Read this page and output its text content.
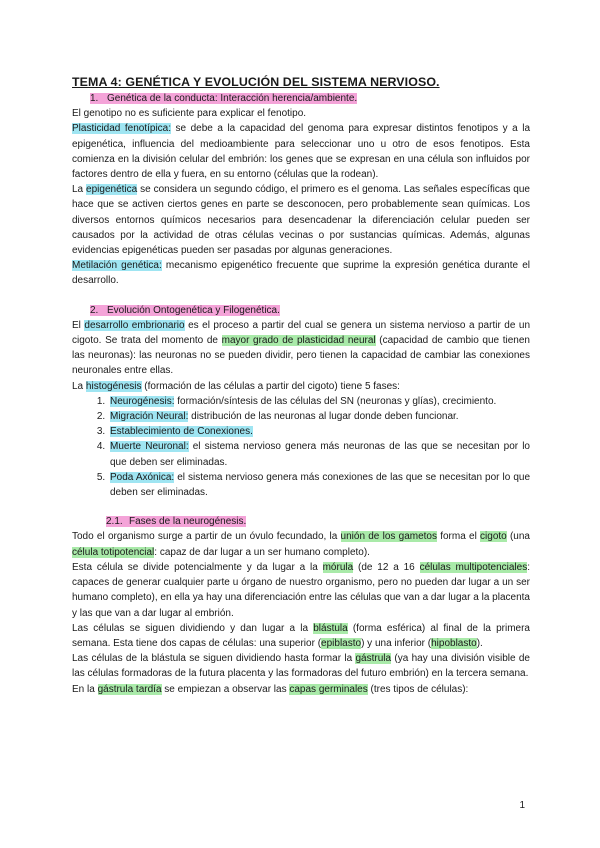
TEMA 4: GENÉTICA Y EVOLUCIÓN DEL SISTEMA NERVIOSO.

1. Genética de la conducta: Interacción herencia/ambiente.

El genotipo no es suficiente para explicar el fenotipo.

Plasticidad fenotípica: se debe a la capacidad del genoma para expresar distintos fenotipos y a la epigenética, influencia del medioambiente para seleccionar uno u otro de esos fenotipos. Esta comienza en la división celular del embrión: los genes que se expresan en una célula son influidos por factores dentro de ella y fuera, en su entorno (células que la rodean).

La epigenética se considera un segundo código, el primero es el genoma. Las señales específicas que hace que se activen ciertos genes en parte se desconocen, pero probablemente sean químicas. Los diversos entornos químicos necesarios para desencadenar la diferenciación celular pueden ser causados por la actividad de otras células vecinas o por sustancias químicas. Además, algunas evidencias epigenéticas pueden ser pasadas por algunas generaciones.

Metilación genética: mecanismo epigenético frecuente que suprime la expresión genética durante el desarrollo.

2. Evolución Ontogenética y Filogenética.

El desarrollo embrionario es el proceso a partir del cual se genera un sistema nervioso a partir de un cigoto. Se trata del momento de mayor grado de plasticidad neural (capacidad de cambio que tienen las neuronas): las neuronas no se pueden dividir, pero tienen la capacidad de cambiar las conexiones neuronales entre ellas.

La histogénesis (formación de las células a partir del cigoto) tiene 5 fases:

1. Neurogénesis: formación/síntesis de las células del SN (neuronas y glías), crecimiento.
2. Migración Neural: distribución de las neuronas al lugar donde deben funcionar.
3. Establecimiento de Conexiones.
4. Muerte Neuronal: el sistema nervioso genera más neuronas de las que se necesitan por lo que deben ser eliminadas.
5. Poda Axónica: el sistema nervioso genera más conexiones de las que se necesitan por lo que deben ser eliminadas.

2.1. Fases de la neurogénesis.

Todo el organismo surge a partir de un óvulo fecundado, la unión de los gametos forma el cigoto (una célula totipotencial: capaz de dar lugar a un ser humano completo).

Esta célula se divide potencialmente y da lugar a la mórula (de 12 a 16 células multipotenciales: capaces de generar cualquier parte u órgano de nuestro organismo, pero no pueden dar lugar a un ser humano completo), en ella ya hay una diferenciación entre las células que van a dar lugar a la placenta y las que van a dar lugar al embrión.

Las células se siguen dividiendo y dan lugar a la blástula (forma esférica) al final de la primera semana. Esta tiene dos capas de células: una superior (epiblasto) y una inferior (hipoblasto).

Las células de la blástula se siguen dividiendo hasta formar la gástrula (ya hay una división visible de las células formadoras de la futura placenta y las formadoras del futuro embrión) en la tercera semana.

En la gástrula tardía se empiezan a observar las capas germinales (tres tipos de células):

1
